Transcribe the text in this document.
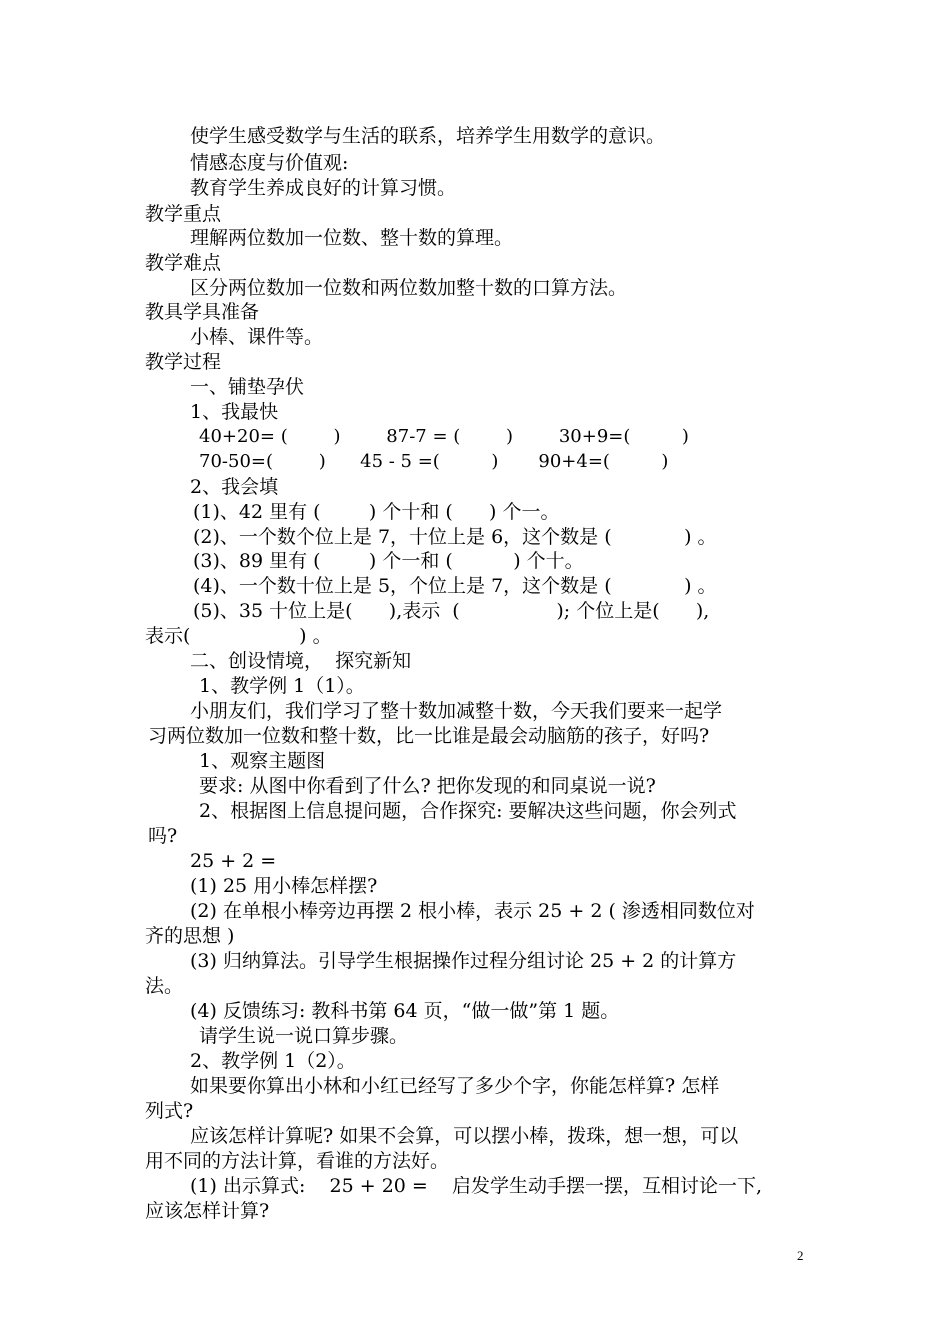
使学生感受数学与生活的联系，培养学生用数学的意识。
情感态度与价值观:
教育学生养成良好的计算习惯。
教学重点
理解两位数加一位数、整十数的算理。
教学难点
区分两位数加一位数和两位数加整十数的口算方法。
教具学具准备
小棒、课件等。
教学过程
一、铺垫孕伏
1、我最快
40+20= (        )        87-7 = (        )        30+9=(         )
70-50=(        )      45 - 5 =(         )       90+4=(         )
2、我会填
(1)、42 里有 (        ) 个十和 (      ) 个一。
(2)、一个数个位上是 7，十位上是 6，这个数是 (            ) 。
(3)、89 里有 (        ) 个一和 (          ) 个十。
(4)、一个数十位上是 5，个位上是 7，这个数是 (            ) 。
(5)、35 十位上是(      ),表示  (                ); 个位上是(      ),
表示(                  ) 。
二、创设情境，  探究新知
1、教学例 1（1）。
小朋友们，我们学习了整十数加减整十数，今天我们要来一起学
习两位数加一位数和整十数，比一比谁是最会动脑筋的孩子，好吗?
1、观察主题图
要求: 从图中你看到了什么? 把你发现的和同桌说一说?
2、根据图上信息提问题，合作探究: 要解决这些问题，你会列式
吗?
25 + 2 =
(1) 25 用小棒怎样摆?
(2) 在单根小棒旁边再摆 2 根小棒，表示 25 + 2 ( 渗透相同数位对
齐的思想 )
(3) 归纳算法。引导学生根据操作过程分组讨论 25 + 2 的计算方
法。
(4) 反馈练习: 教科书第 64 页，“做一做”第 1 题。
请学生说一说口算步骤。
2、教学例 1（2）。
如果要你算出小林和小红已经写了多少个字，你能怎样算? 怎样
列式?
应该怎样计算呢? 如果不会算，可以摆小棒，拨珠，想一想，可以
用不同的方法计算，看谁的方法好。
(1) 出示算式:    25 + 20 =    启发学生动手摆一摆，互相讨论一下,
应该怎样计算?
2
